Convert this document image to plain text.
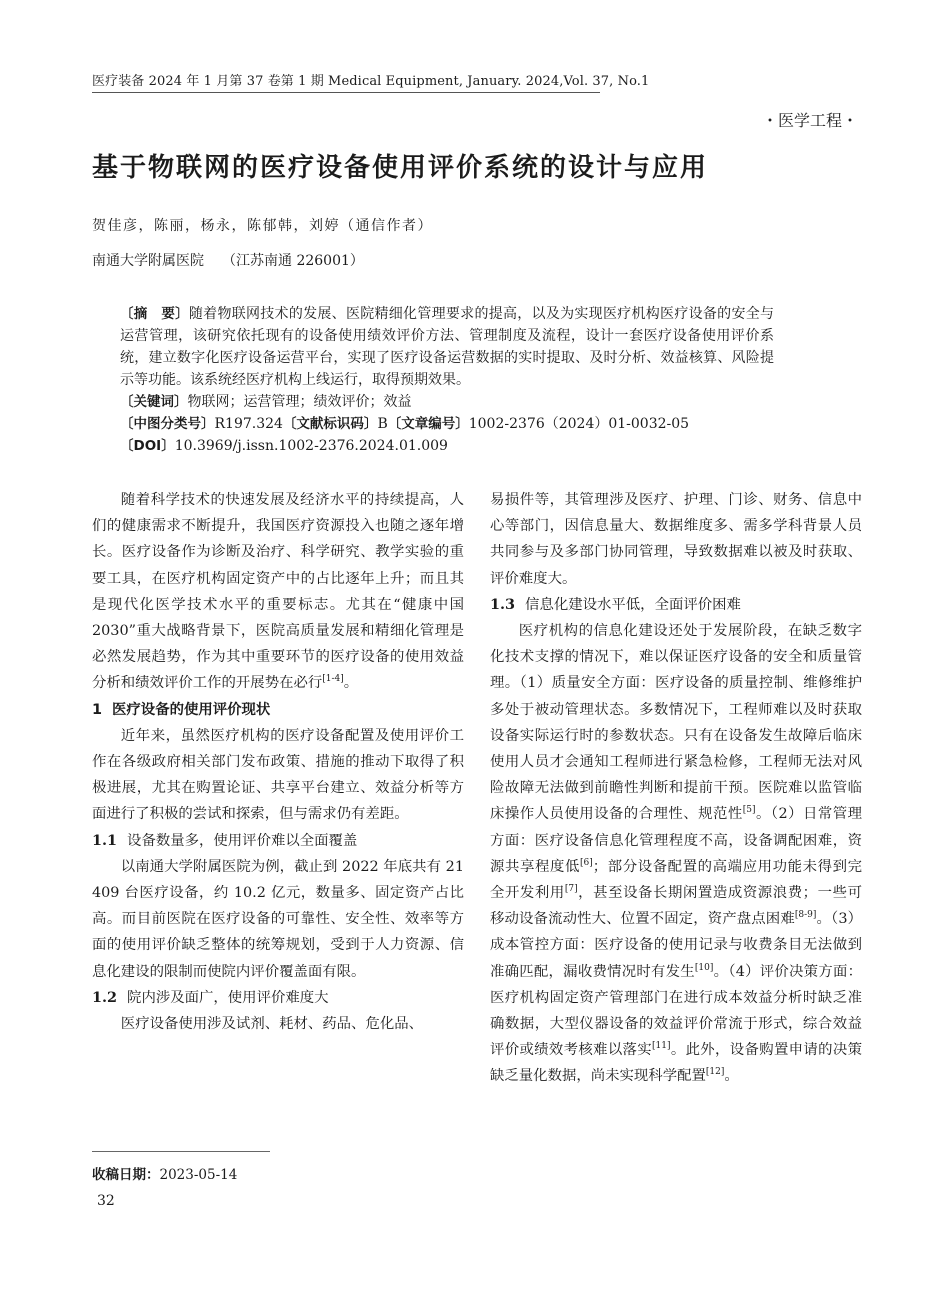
医疗装备 2024 年 1 月第 37 卷第 1 期 Medical Equipment, January. 2024,Vol. 37, No.1
・医学工程・
基于物联网的医疗设备使用评价系统的设计与应用
贺佳彦，陈丽，杨永，陈郁韩，刘婷（通信作者）
南通大学附属医院 （江苏南通 226001）
〔摘　要〕随着物联网技术的发展、医院精细化管理要求的提高，以及为实现医疗机构医疗设备的安全与运营管理，该研究依托现有的设备使用绩效评价方法、管理制度及流程，设计一套医疗设备使用评价系统，建立数字化医疗设备运营平台，实现了医疗设备运营数据的实时提取、及时分析、效益核算、风险提示等功能。该系统经医疗机构上线运行，取得预期效果。
〔关键词〕物联网；运营管理；绩效评价；效益
〔中图分类号〕R197.324〔文献标识码〕B〔文章编号〕1002-2376（2024）01-0032-05
〔DOI〕10.3969/j.issn.1002-2376.2024.01.009

随着科学技术的快速发展及经济水平的持续提高，人们的健康需求不断提升，我国医疗资源投入也随之逐年增长。医疗设备作为诊断及治疗、科学研究、教学实验的重要工具，在医疗机构固定资产中的占比逐年上升；而且其是现代化医学技术水平的重要标志。尤其在“健康中国 2030”重大战略背景下，医院高质量发展和精细化管理是必然发展趋势，作为其中重要环节的医疗设备的使用效益分析和绩效评价工作的开展势在必行[1-4]。

1 医疗设备的使用评价现状

近年来，虽然医疗机构的医疗设备配置及使用评价工作在各级政府相关部门发布政策、措施的推动下取得了积极进展，尤其在购置论证、共享平台建立、效益分析等方面进行了积极的尝试和探索，但与需求仍有差距。

1.1 设备数量多，使用评价难以全面覆盖

以南通大学附属医院为例，截止到 2022 年底共有 21 409 台医疗设备，约 10.2 亿元，数量多、固定资产占比高。而目前医院在医疗设备的可靠性、安全性、效率等方面的使用评价缺乏整体的统筹规划，受到于人力资源、信息化建设的限制而使院内评价覆盖面有限。

1.2 院内涉及面广，使用评价难度大

医疗设备使用涉及试剂、耗材、药品、危化品、

易损件等，其管理涉及医疗、护理、门诊、财务、信息中心等部门，因信息量大、数据维度多、需多学科背景人员共同参与及多部门协同管理，导致数据难以被及时获取、评价难度大。

1.3 信息化建设水平低，全面评价困难

医疗机构的信息化建设还处于发展阶段，在缺乏数字化技术支撑的情况下，难以保证医疗设备的安全和质量管理。（1）质量安全方面：医疗设备的质量控制、维修维护多处于被动管理状态。多数情况下，工程师难以及时获取设备实际运行时的参数状态。只有在设备发生故障后临床使用人员才会通知工程师进行紧急检修，工程师无法对风险故障无法做到前瞻性判断和提前干预。医院难以监管临床操作人员使用设备的合理性、规范性[5]。（2）日常管理方面：医疗设备信息化管理程度不高，设备调配困难，资源共享程度低[6]；部分设备配置的高端应用功能未得到完全开发利用[7]，甚至设备长期闲置造成资源浪费；一些可移动设备流动性大、位置不固定，资产盘点困难[8-9]。（3）成本管控方面：医疗设备的使用记录与收费条目无法做到准确匹配，漏收费情况时有发生[10]。（4）评价决策方面：医疗机构固定资产管理部门在进行成本效益分析时缺乏准确数据，大型仪器设备的效益评价常流于形式，综合效益评价或绩效考核难以落实[11]。此外，设备购置申请的决策缺乏量化数据，尚未实现科学配置[12]。

收稿日期：2023-05-14
32
